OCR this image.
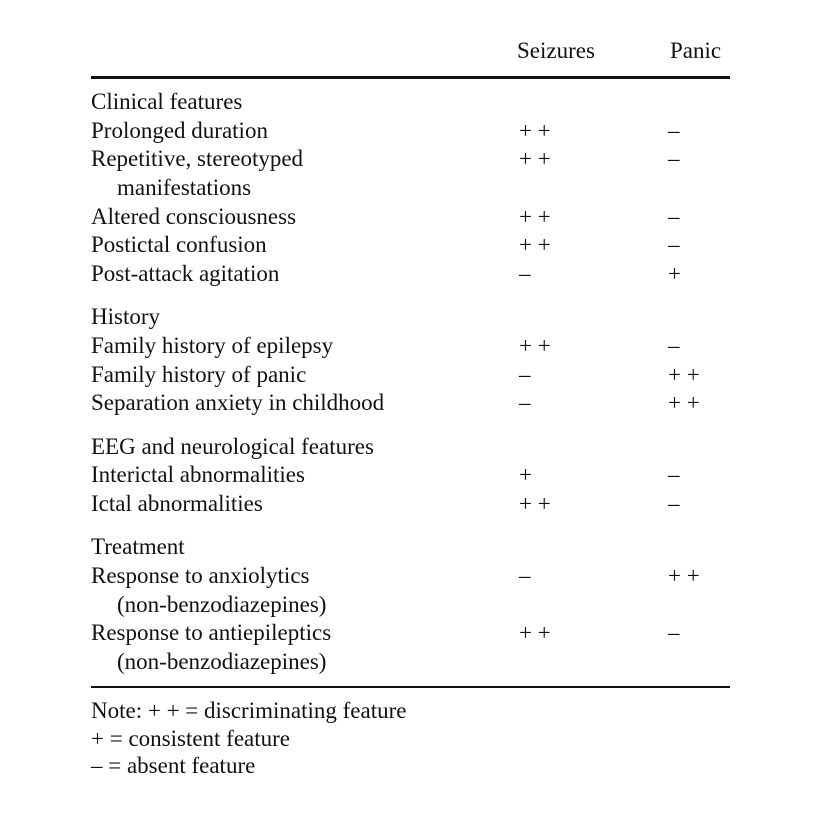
Seizures	Panic
Clinical features
Prolonged duration	+ +	–
Repetitive, stereotyped	+ +	–
manifestations
Altered consciousness	+ +	–
Postictal confusion	+ +	–
Post-attack agitation	–	+
History
Family history of epilepsy	+ +	–
Family history of panic	–	+ +
Separation anxiety in childhood	–	+ +
EEG and neurological features
Interictal abnormalities	+	–
Ictal abnormalities	+ +	–
Treatment
Response to anxiolytics	–	+ +
(non-benzodiazepines)
Response to antiepileptics	+ +	–
(non-benzodiazepines)
Note: + + = discriminating feature
+ = consistent feature
– = absent feature
